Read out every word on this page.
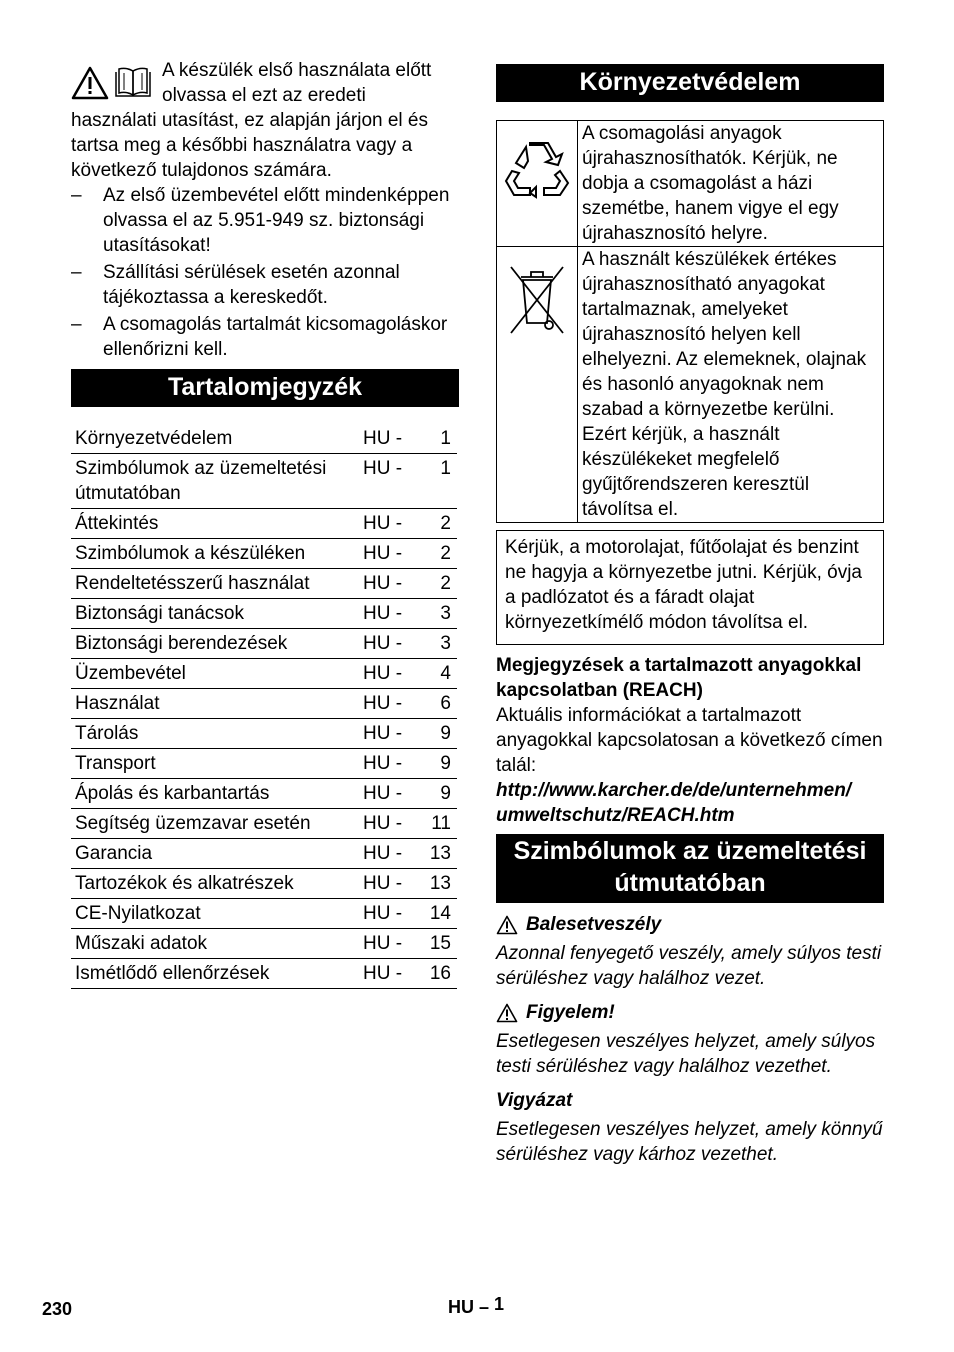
A készülék első használata előtt

olvassa el ezt az eredeti

használati utasítást, ez alapján járjon el és tartsa meg a későbbi használatra vagy a következő tulajdonos számára.

– Az első üzembevétel előtt mindenképpen olvassa el az 5.951-949 sz. biztonsági utasításokat!
– Szállítási sérülések esetén azonnal tájékoztassa a kereskedőt.
– A csomagolás tartalmát kicsomagoláskor ellenőrizni kell.
Tartalomjegyzék
Környezetvédelem	HU -	1
Szimbólumok az üzemeltetési útmutatóban	HU -	1
Áttekintés	HU -	2
Szimbólumok a készüléken	HU -	2
Rendeltetésszerű használat	HU -	2
Biztonsági tanácsok	HU -	3
Biztonsági berendezések	HU -	3
Üzembevétel	HU -	4
Használat	HU -	6
Tárolás	HU -	9
Transport	HU -	9
Ápolás és karbantartás	HU -	9
Segítség üzemzavar esetén	HU -	11
Garancia	HU -	13
Tartozékok és alkatrészek	HU -	13
CE-Nyilatkozat	HU -	14
Műszaki adatok	HU -	15
Ismétlődő ellenőrzések	HU -	16
Környezetvédelem
	A csomagolási anyagok újrahasznosíthatók. Kérjük, ne dobja a csomagolást a házi szemétbe, hanem vigye el egy újrahasznosító helyre.
	A használt készülékek értékes újrahasznosítható anyagokat tartalmaznak, amelyeket újrahasznosító helyen kell elhelyezni. Az elemeknek, olajnak és hasonló anyagoknak nem szabad a környezetbe kerülni. Ezért kérjük, a használt készülékeket megfelelő gyűjtőrendszeren keresztül távolítsa el.

Kérjük, a motorolajat, fűtőolajat és benzint ne hagyja a környezetbe jutni. Kérjük, óvja a padlózatot és a fáradt olajat környezetkímélő módon távolítsa el.

Megjegyzések a tartalmazott anyagokkal kapcsolatban (REACH)

Aktuális információkat a tartalmazott anyagokkal kapcsolatosan a következő címen talál:

http://www.karcher.de/de/unternehmen/

umweltschutz/REACH.htm

Szimbólumok az üzemeltetési
útmutatóban
Balesetveszély

Azonnal fenyegető veszély, amely súlyos testi sérüléshez vagy halálhoz vezet.

Figyelem!

Esetlegesen veszélyes helyzet, amely súlyos testi sérüléshez vagy halálhoz vezethet.

Vigyázat

Esetlegesen veszélyes helyzet, amely könnyű sérüléshez vagy kárhoz vezethet.

230	HU – 1
